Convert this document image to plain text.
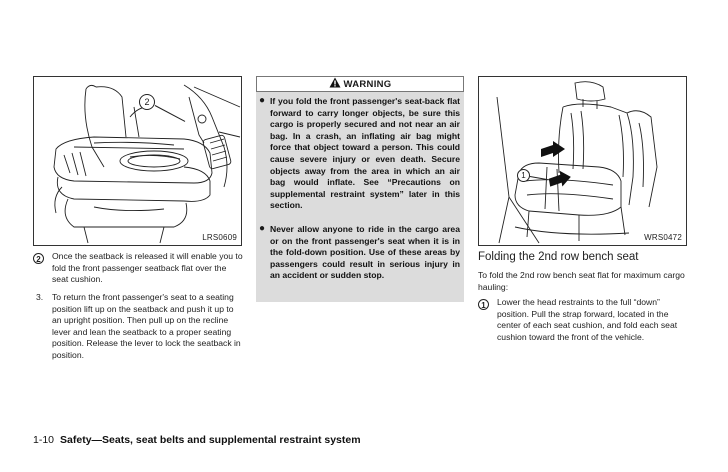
2
LRS0609
2	Once the seatback is released it will enable you to fold the front passenger seatback flat over the seat cushion.
3. To return the front passenger's seat to a seating position lift up on the seatback and push it up to an upright position. Then pull up on the recline lever and lean the seatback to a proper seating position. Release the lever to lock the seatback in position.
WARNING
● If you fold the front passenger's seat-back flat forward to carry longer objects, be sure this cargo is properly secured and not near an air bag. In a crash, an inflating air bag might force that object toward a person. This could cause severe injury or even death. Secure objects away from the area in which an air bag would inflate. See “Precautions on supplemental restraint system” later in this section.
● Never allow anyone to ride in the cargo area or on the front passenger's seat when it is in the fold-down position. Use of these areas by passengers could result in serious injury in an accident or sudden stop.
1
WRS0472
Folding the 2nd row bench seat
To fold the 2nd row bench seat flat for maximum cargo hauling:
1	Lower the head restraints to the full “down” position. Pull the strap forward, located in the center of each seat cushion, and fold each seat cushion toward the front of the vehicle.
1-10 Safety—Seats, seat belts and supplemental restraint system
